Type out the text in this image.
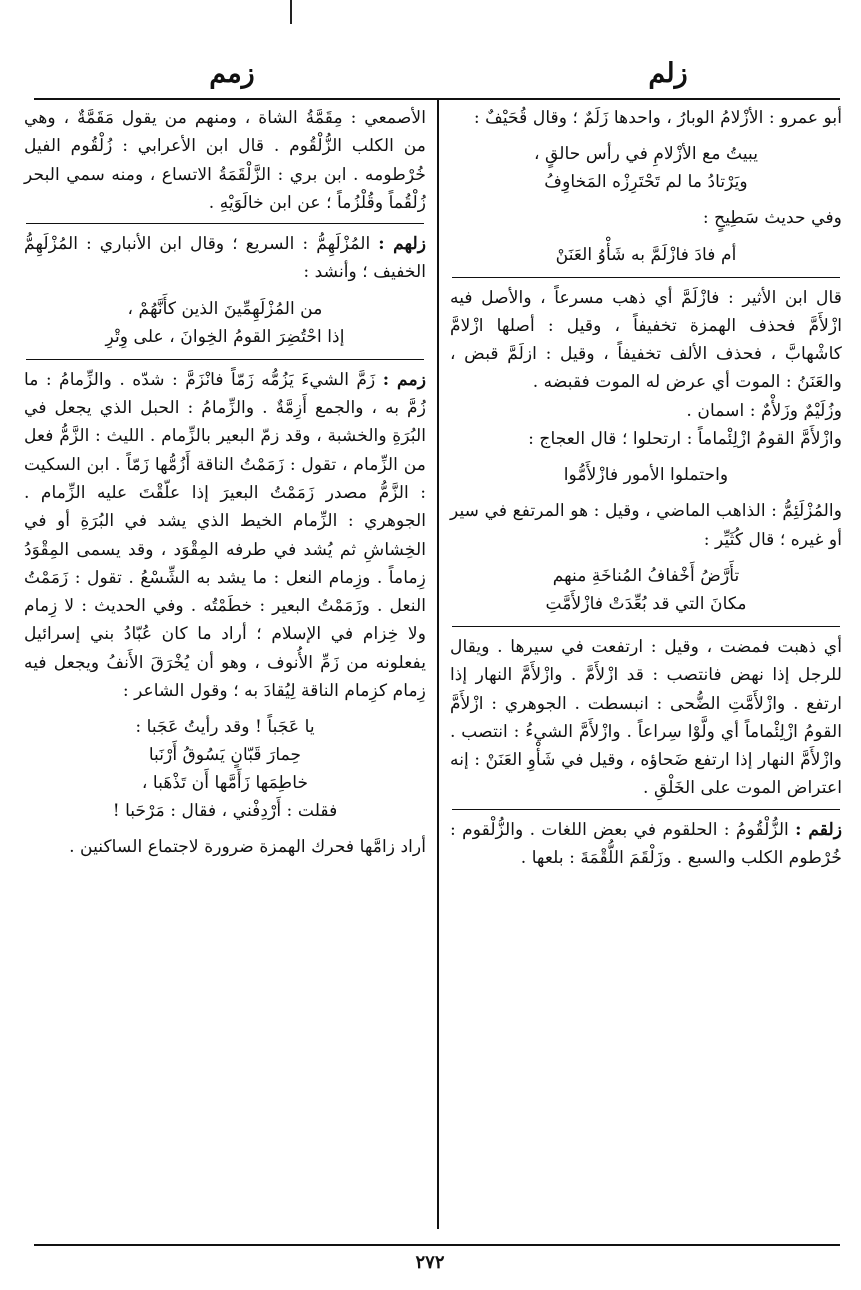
زلم
زمم

أبو عمرو : الأزْلامُ الوبارُ ، واحدها زَلَمٌ ؛ وقال قُحَيْفٌ :

يبيتُ مع الأزْلامِ في رأس حالقٍ ،
ويَرْتادُ ما لم تَحْتَرِزْه المَخاوِفُ

وفي حديث سَطِيحٍ :

أم فادَ فازْلَمَّ به شَأْوُ العَنَنْ

قال ابن الأثير : فازْلَمَّ أي ذهب مسرعاً ، والأصل فيه ازْلأَمَّ فحذف الهمزة تخفيفاً ، وقيل : أصلها ازْلامَّ كاشْهابَّ ، فحذف الألف تخفيفاً ، وقيل : ازلَمَّ قبض ، والعَنَنُ : الموت أي عرض له الموت فقبضه .

وزُلَيْمٌ وزَلأْمٌ : اسمان .

وازْلأَمَّ القومُ ازْلِئْماماً : ارتحلوا ؛ قال العجاج :

واحتملوا الأمور فازْلأَمُّوا

والمُزْلَئِمُّ : الذاهب الماضي ، وقيل : هو المرتفع في سير أو غيره ؛ قال كُثَيِّر :

تأَرَّضُ أَخْفافُ المُناخَةِ منهم
مكانَ التي قد بُعِّدَتْ فازْلأَمَّتِ

أي ذهبت فمضت ، وقيل : ارتفعت في سيرها . ويقال للرجل إذا نهض فانتصب : قد ازْلأَمَّ . وازْلأَمَّ النهار إذا ارتفع . وازْلأَمَّتِ الضُّحى : انبسطت . الجوهري : ازْلأَمَّ القومُ ازْلِئْماماً أي ولَّوْا سِراعاً . وازْلأَمَّ الشيءُ : انتصب . وازْلأَمَّ النهار إذا ارتفع ضَحاؤه ، وقيل في شَأْوِ العَنَنْ : إنه اعتراض الموت على الخَلْقِ .

زلقم : الزُّلْقُومُ : الحلقوم في بعض اللغات . والزُّلْقوم : خُرْطوم الكلب والسبع . وزَلْقَمَ اللُّقْمَةَ : بلعها .

الأصمعي : مِقَمَّةُ الشاة ، ومنهم من يقول مَقَمَّةٌ ، وهي من الكلب الزُّلْقُوم . قال ابن الأعرابي : زُلْقُوم الفيل خُرْطومه . ابن بري : الزَّلْقَمَةُ الاتساع ، ومنه سمي البحر زُلْقُماً وقُلْزُماً ؛ عن ابن خالَوَيْهِ .

زلهم : المُزْلَهِمُّ : السريع ؛ وقال ابن الأنباري : المُزْلَهِمُّ الخفيف ؛ وأنشد :

من المُزْلَهِمِّينَ الذين كأَنَّهُمْ ،
إذا احْتُضِرَ القومُ الخِوانَ ، على وِتْرِ

زمم : زَمَّ الشيءَ يَزُمُّه زَمّاً فانْزَمَّ : شدّه . والزِّمامُ : ما زُمَّ به ، والجمع أَزِمَّةٌ . والزِّمامُ : الحبل الذي يجعل في البُرَةِ والخشبة ، وقد زمّ البعير بالزِّمام . الليث : الزَّمُّ فعل من الزِّمام ، تقول : زَمَمْتُ الناقة أَزُمُّها زَمّاً . ابن السكيت : الزَّمُّ مصدر زَمَمْتُ البعيرَ إذا علّقْتَ عليه الزِّمام . الجوهري : الزِّمام الخيط الذي يشد في البُرَةِ أو في الخِشاشِ ثم يُشد في طرفه المِقْوَد ، وقد يسمى المِقْوَدُ زِماماً . وزِمام النعل : ما يشد به الشِّسْعُ . تقول : زَمَمْتُ النعل . وزَمَمْتُ البعير : خطَمْتُه . وفي الحديث : لا زِمام ولا خِزام في الإسلام ؛ أراد ما كان عُبّادُ بني إسرائيل يفعلونه من زَمِّ الأُنوف ، وهو أن يُخْرَقَ الأَنفُ ويجعل فيه زِمام كزِمام الناقة لِيُقادَ به ؛ وقول الشاعر :

يا عَجَباً ! وقد رأيتُ عَجَبا :
حِمارَ قَبّانٍ يَسُوقُ أَرْنَبا
خاطِمَها زَأَمَّها أَن تَذْهَبا ،
فقلت : أَرْدِفْني ، فقال : مَرْحَبا !

أراد زامَّها فحرك الهمزة ضرورة لاجتماع الساكنين .

٢٧٢
